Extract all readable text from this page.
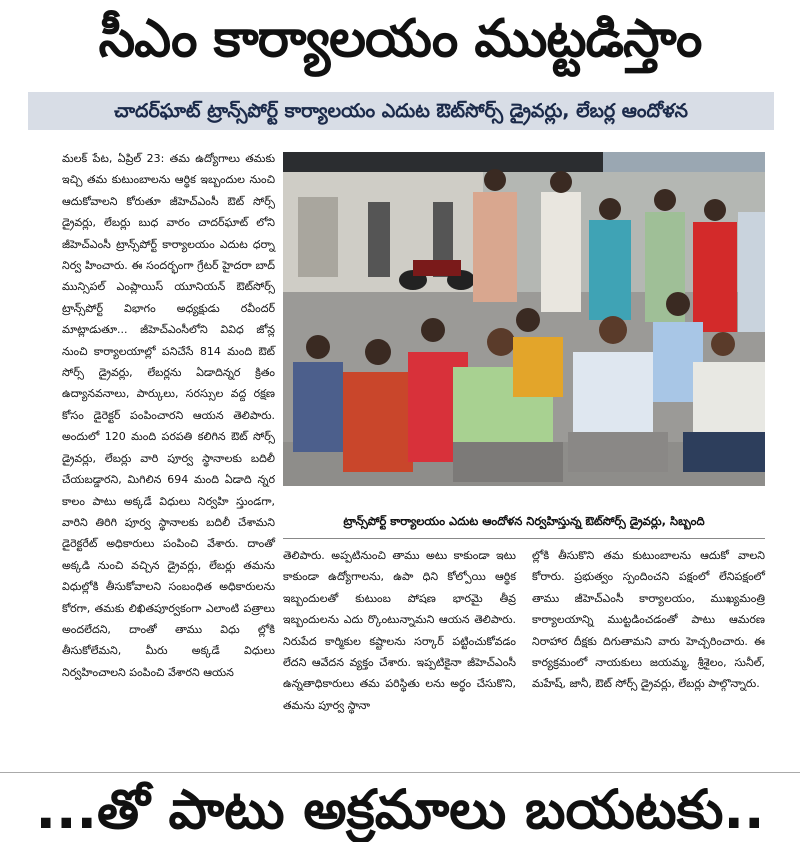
సీఎం కార్యాలయం ముట్టడిస్తాం
చాదర్‌ఘాట్ ట్రాన్స్‌పోర్ట్ కార్యాలయం ఎదుట ఔట్‌సోర్స్ డ్రైవర్లు, లేబర్ల ఆందోళన

మలక్ పేట, ఏప్రిల్ 23: తమ ఉద్యోగాలు తమకు ఇచ్చి తమ కుటుంబాలను ఆర్థిక ఇబ్బందుల నుంచి ఆదుకోవాలని కోరుతూ జీహెచ్ఎంసీ ఔట్ సోర్స్ డ్రైవర్లు, లేబర్లు బుధ వారం చాదర్‌ఘాట్ లోని జీహెచ్ఎంసీ ట్రాన్స్‌పోర్ట్ కార్యాలయం ఎదుట ధర్నా నిర్వ హించారు. ఈ సందర్భంగా గ్రేటర్ హైదరా బాద్ మున్సిపల్ ఎంప్లాయిస్ యూనియన్ ఔట్‌సోర్స్ ట్రాన్స్‌పోర్ట్ విభాగం అధ్యక్షుడు రవీందర్ మాట్లాడుతూ... జీహెచ్ఎంసీలోని వివిధ జోన్ల నుంచి కార్యాలయాల్లో పనిచేసే 814 మంది ఔట్ సోర్స్ డ్రైవర్లు, లేబర్లను ఏడాదిన్నర క్రితం ఉద్యానవనాలు, పార్కులు, సరస్సుల వద్ద రక్షణ కోసం డైరెక్టర్ పంపించారని ఆయన తెలిపారు. అందులో 120 మంది పరపతి కలిగిన ఔట్ సోర్స్ డ్రైవర్లు, లేబర్లు వారి పూర్వ స్థానాలకు బదిలీ చేయబడ్డారని, మిగిలిన 694 మంది ఏడాది న్నర కాలం పాటు అక్కడే విధులు నిర్వహి స్తుండగా, వారిని తిరిగి పూర్వ స్థానాలకు బదిలీ చేశామని డైరెక్టరేట్ అధికారులు పంపించి వేశారు. దాంతో అక్కడి నుంచి వచ్చిన డ్రైవర్లు, లేబర్లు తమను విధుల్లోకి తీసుకోవాలని సంబంధిత అధికారులను కోరగా, తమకు లిఖితపూర్వకంగా ఎలాంటి పత్రాలు అందలేదని, దాంతో తాము విధు ల్లోకి తీసుకోలేమని, మీరు అక్కడే విధులు నిర్వహించాలని పంపించి వేశారని ఆయన

ట్రాన్స్‌పోర్ట్ కార్యాలయం ఎదుట ఆందోళన నిర్వహిస్తున్న ఔట్‌సోర్స్ డ్రైవర్లు, సిబ్బంది

తెలిపారు. అప్పటినుంచి తాము అటు కాకుండా ఇటు కాకుండా ఉద్యోగాలను, ఉపా ధిని కోల్పోయి ఆర్థిక ఇబ్బందులతో కుటుంబ పోషణ భారమై తీవ్ర ఇబ్బందులను ఎదు ర్కొంటున్నామని ఆయన తెలిపారు. నిరుపేద కార్మికుల కష్టాలను సర్కార్ పట్టించుకోవడం లేదని ఆవేదన వ్యక్తం చేశారు. ఇప్పటికైనా జీహెచ్ఎంసీ ఉన్నతాధికారులు తమ పరిస్థితు లను అర్థం చేసుకొని, తమను పూర్వ స్థానా

ల్లోకి తీసుకొని తమ కుటుంబాలను ఆదుకో వాలని కోరారు. ప్రభుత్వం స్పందించని పక్షంలో లేనిపక్షంలో తాము జీహెచ్ఎంసీ కార్యాలయం, ముఖ్యమంత్రి కార్యాలయాన్ని ముట్టడించడంతో పాటు ఆమరణ నిరాహార దీక్షకు దిగుతామని వారు హెచ్చరించారు. ఈ కార్యక్రమంలో నాయకులు జయమ్మ, శ్రీశైలం, సునీల్, మహేష్, జానీ, ఔట్ సోర్స్ డ్రైవర్లు, లేబర్లు పాల్గొన్నారు.

...తో పాటు అక్రమాలు బయటకు..
